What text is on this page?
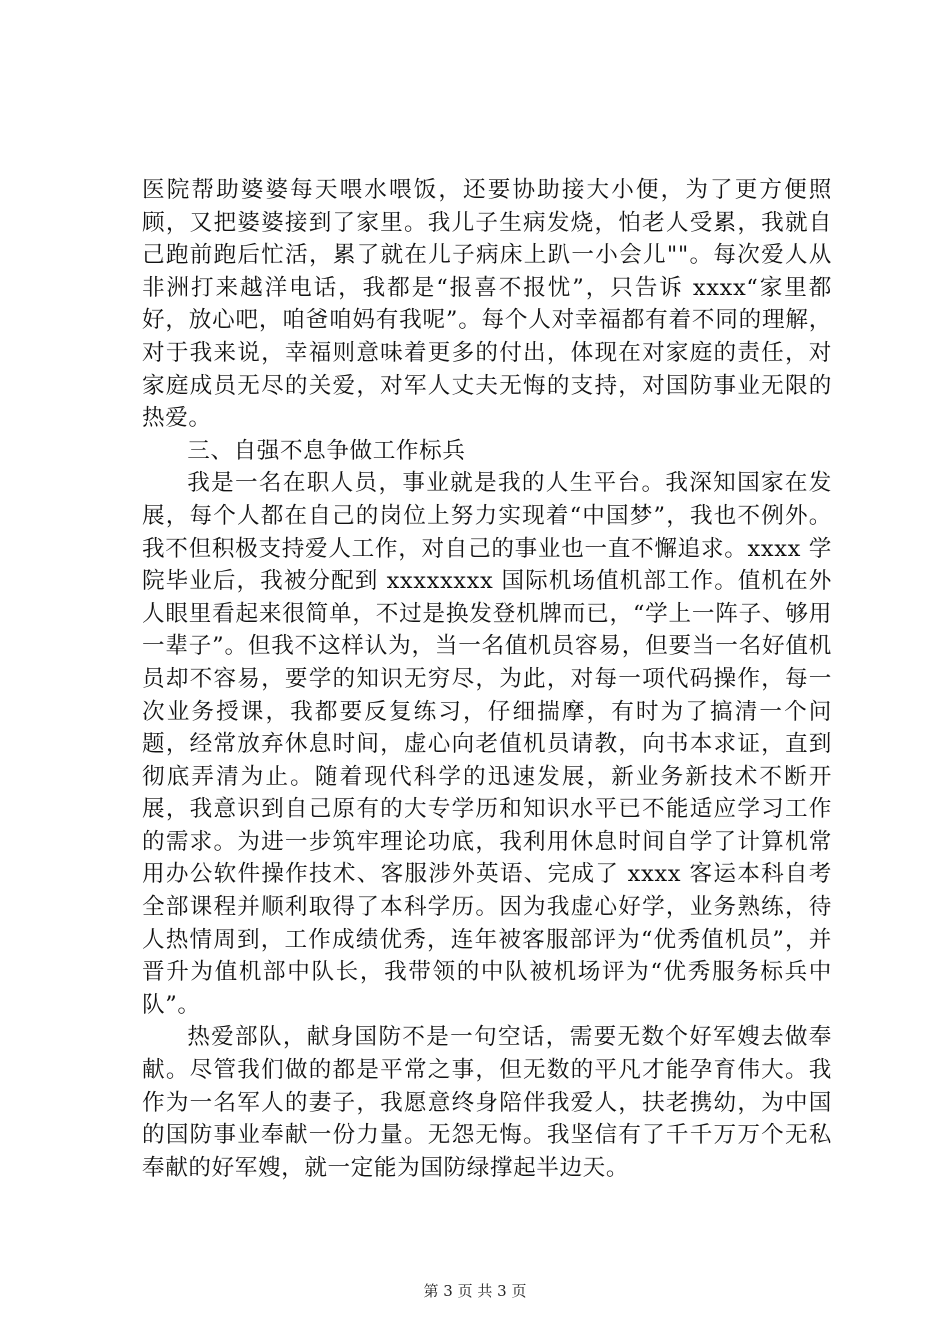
医院帮助婆婆每天喂水喂饭，还要协助接大小便，为了更方便照顾，又把婆婆接到了家里。我儿子生病发烧，怕老人受累，我就自己跑前跑后忙活，累了就在儿子病床上趴一小会儿""。每次爱人从非洲打来越洋电话，我都是“报喜不报忧”，只告诉 xxxx“家里都好，放心吧，咱爸咱妈有我呢”。每个人对幸福都有着不同的理解，对于我来说，幸福则意味着更多的付出，体现在对家庭的责任，对家庭成员无尽的关爱，对军人丈夫无悔的支持，对国防事业无限的热爱。

三、自强不息争做工作标兵

我是一名在职人员，事业就是我的人生平台。我深知国家在发展，每个人都在自己的岗位上努力实现着“中国梦”，我也不例外。我不但积极支持爱人工作，对自己的事业也一直不懈追求。xxxx 学院毕业后，我被分配到 xxxxxxxx 国际机场值机部工作。值机在外人眼里看起来很简单，不过是换发登机牌而已，“学上一阵子、够用一辈子”。但我不这样认为，当一名值机员容易，但要当一名好值机员却不容易，要学的知识无穷尽，为此，对每一项代码操作，每一次业务授课，我都要反复练习，仔细揣摩，有时为了搞清一个问题，经常放弃休息时间，虚心向老值机员请教，向书本求证，直到彻底弄清为止。随着现代科学的迅速发展，新业务新技术不断开展，我意识到自己原有的大专学历和知识水平已不能适应学习工作的需求。为进一步筑牢理论功底，我利用休息时间自学了计算机常用办公软件操作技术、客服涉外英语、完成了 xxxx 客运本科自考全部课程并顺利取得了本科学历。因为我虚心好学，业务熟练，待人热情周到，工作成绩优秀，连年被客服部评为“优秀值机员”，并晋升为值机部中队长，我带领的中队被机场评为“优秀服务标兵中队”。

热爱部队，献身国防不是一句空话，需要无数个好军嫂去做奉献。尽管我们做的都是平常之事，但无数的平凡才能孕育伟大。我作为一名军人的妻子，我愿意终身陪伴我爱人，扶老携幼，为中国的国防事业奉献一份力量。无怨无悔。我坚信有了千千万万个无私奉献的好军嫂，就一定能为国防绿撑起半边天。

第 3 页 共 3 页
